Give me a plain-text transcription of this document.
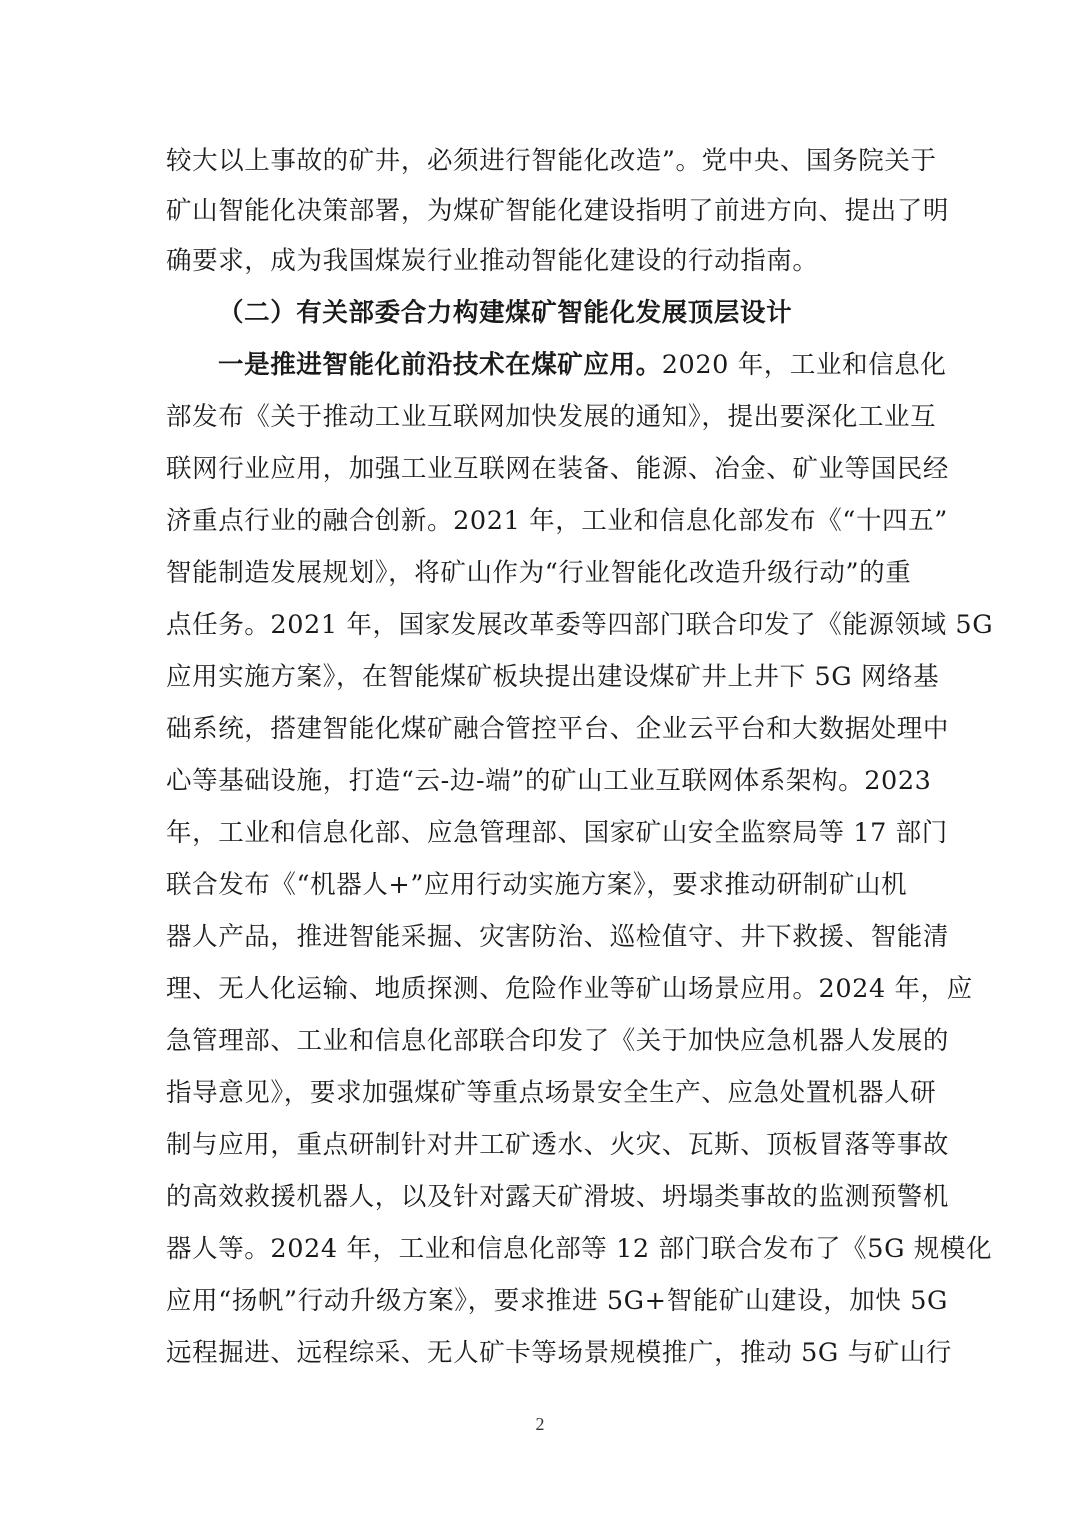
较大以上事故的矿井，必须进行智能化改造”。党中央、国务院关于
矿山智能化决策部署，为煤矿智能化建设指明了前进方向、提出了明
确要求，成为我国煤炭行业推动智能化建设的行动指南。
（二）有关部委合力构建煤矿智能化发展顶层设计
一是推进智能化前沿技术在煤矿应用。2020 年，工业和信息化
部发布《关于推动工业互联网加快发展的通知》，提出要深化工业互
联网行业应用，加强工业互联网在装备、能源、冶金、矿业等国民经
济重点行业的融合创新。2021 年，工业和信息化部发布《“十四五”
智能制造发展规划》，将矿山作为“行业智能化改造升级行动”的重
点任务。2021 年，国家发展改革委等四部门联合印发了《能源领域 5G
应用实施方案》，在智能煤矿板块提出建设煤矿井上井下 5G 网络基
础系统，搭建智能化煤矿融合管控平台、企业云平台和大数据处理中
心等基础设施，打造“云-边-端”的矿山工业互联网体系架构。2023
年，工业和信息化部、应急管理部、国家矿山安全监察局等 17 部门
联合发布《“机器人+”应用行动实施方案》，要求推动研制矿山机
器人产品，推进智能采掘、灾害防治、巡检值守、井下救援、智能清
理、无人化运输、地质探测、危险作业等矿山场景应用。2024 年，应
急管理部、工业和信息化部联合印发了《关于加快应急机器人发展的
指导意见》，要求加强煤矿等重点场景安全生产、应急处置机器人研
制与应用，重点研制针对井工矿透水、火灾、瓦斯、顶板冒落等事故
的高效救援机器人，以及针对露天矿滑坡、坍塌类事故的监测预警机
器人等。2024 年，工业和信息化部等 12 部门联合发布了《5G 规模化
应用“扬帆”行动升级方案》，要求推进 5G+智能矿山建设，加快 5G
远程掘进、远程综采、无人矿卡等场景规模推广，推动 5G 与矿山行
2
